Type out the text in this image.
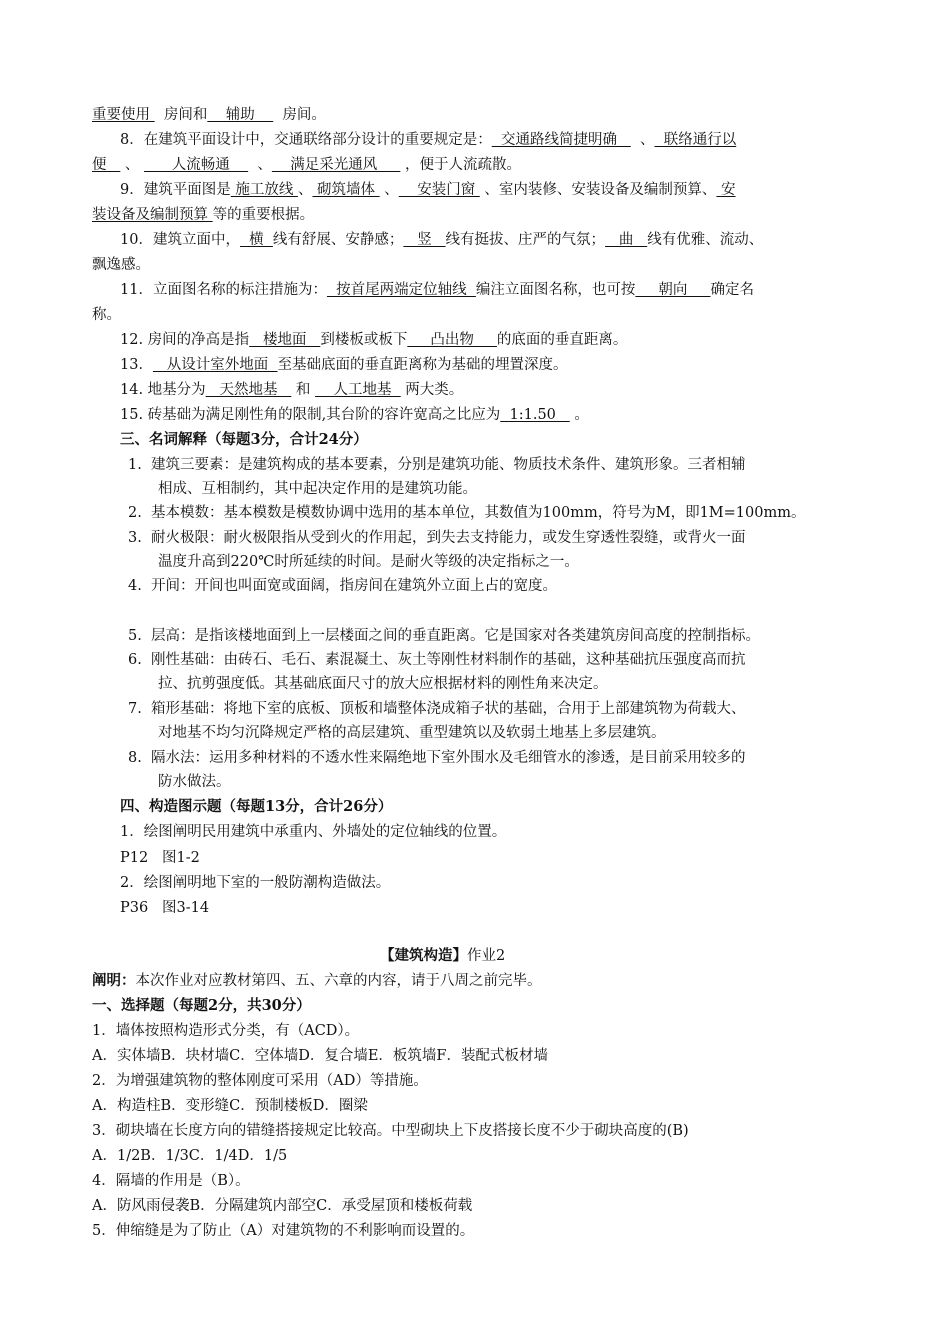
重要使用   房间和    辅助      房间。
8．在建筑平面设计中，交通联络部分设计的重要规定是：  交通路线简捷明确     、  联络通行以
便    、       人流畅通      、    满足采光通风      ，便于人流疏散。
9．建筑平面图是 施工放线 、 砌筑墙体  、    安装门窗  、室内装修、安装设备及编制预算、 安
装设备及编制预算 等的重要根据。
10．建筑立面中，  横  线有舒展、安静感；   竖   线有挺拔、庄严的气氛；   曲   线有优雅、流动、
飘逸感。
11．立面图名称的标注措施为：  按首尾两端定位轴线  编注立面图名称，也可按     朝向     确定名
称。
12. 房间的净高是指   楼地面   到楼板或板下     凸出物     的底面的垂直距离。
13．   从设计室外地面  至基础底面的垂直距离称为基础的埋置深度。
14. 地基分为   天然地基    和     人工地基   两大类。
15. 砖基础为满足刚性角的限制,其台阶的容许宽高之比应为  1:1.50    。
三、名词解释（每题3分，合计24分）
1.  建筑三要素：是建筑构成的基本要素，分别是建筑功能、物质技术条件、建筑形象。三者相辅
相成、互相制约，其中起决定作用的是建筑功能。
2.  基本模数：基本模数是模数协调中选用的基本单位，其数值为100mm，符号为M，即1M=100mm。
3.  耐火极限：耐火极限指从受到火的作用起，到失去支持能力，或发生穿透性裂缝，或背火一面
温度升高到220℃时所延续的时间。是耐火等级的决定指标之一。
4.  开间：开间也叫面宽或面阔，指房间在建筑外立面上占的宽度。
5.  层高：是指该楼地面到上一层楼面之间的垂直距离。它是国家对各类建筑房间高度的控制指标。
6.  刚性基础：由砖石、毛石、素混凝土、灰土等刚性材料制作的基础，这种基础抗压强度高而抗
拉、抗剪强度低。其基础底面尺寸的放大应根据材料的刚性角来决定。
7.  箱形基础：将地下室的底板、顶板和墙整体浇成箱子状的基础，合用于上部建筑物为荷载大、
对地基不均匀沉降规定严格的高层建筑、重型建筑以及软弱土地基上多层建筑。
8.  隔水法：运用多种材料的不透水性来隔绝地下室外围水及毛细管水的渗透，是目前采用较多的
防水做法。
四、构造图示题（每题13分，合计26分）
1．绘图阐明民用建筑中承重内、外墙处的定位轴线的位置。
P12   图1-2
2．绘图阐明地下室的一般防潮构造做法。
P36   图3-14
【建筑构造】作业2
阐明：本次作业对应教材第四、五、六章的内容，请于八周之前完毕。
一、选择题（每题2分，共30分）
1．墙体按照构造形式分类，有（ACD）。
A．实体墙B．块材墙C．空体墙D．复合墙E．板筑墙F．装配式板材墙
2．为增强建筑物的整体刚度可采用（AD）等措施。
A．构造柱B．变形缝C．预制楼板D．圈梁
3．砌块墙在长度方向的错缝搭接规定比较高。中型砌块上下皮搭接长度不少于砌块高度的(B)
A．1/2B．1/3C．1/4D．1/5
4．隔墙的作用是（B）。
A．防风雨侵袭B．分隔建筑内部空C．承受屋顶和楼板荷载
5．伸缩缝是为了防止（A）对建筑物的不利影响而设置的。
